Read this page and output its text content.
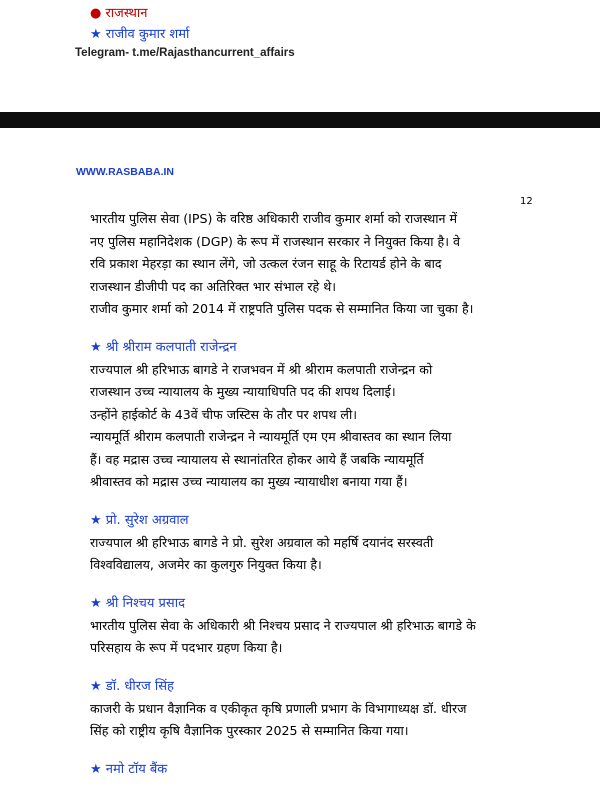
● राजस्थान
★ राजीव कुमार शर्मा
Telegram- t.me/Rajasthancurrent_affairs
WWW.RASBABA.IN
12

भारतीय पुलिस सेवा (IPS) के वरिष्ठ अधिकारी राजीव कुमार शर्मा को राजस्थान में

नए पुलिस महानिदेशक (DGP) के रूप में राजस्थान सरकार ने नियुक्त किया है। वे

रवि प्रकाश मेहरड़ा का स्थान लेंगे, जो उत्कल रंजन साहू के रिटायर्ड होने के बाद

राजस्थान डीजीपी पद का अतिरिक्त भार संभाल रहे थे।

राजीव कुमार शर्मा को 2014 में राष्ट्रपति पुलिस पदक से सम्मानित किया जा चुका है।

★ श्री श्रीराम कलपाती राजेन्द्रन

राज्यपाल श्री हरिभाऊ बागडे ने राजभवन में श्री श्रीराम कलपाती राजेन्द्रन को

राजस्थान उच्च न्यायालय के मुख्य न्यायाधिपति पद की शपथ दिलाई।

उन्होंने हाईकोर्ट के 43वें चीफ जस्टिस के तौर पर शपथ ली।

न्यायमूर्ति श्रीराम कलपाती राजेन्द्रन ने न्यायमूर्ति एम एम श्रीवास्तव का स्थान लिया

हैं। वह मद्रास उच्च न्यायालय से स्थानांतरित होकर आये हैं जबकि न्यायमूर्ति

श्रीवास्तव को मद्रास उच्च न्यायालय का मुख्य न्यायाधीश बनाया गया हैं।

★ प्रो. सुरेश अग्रवाल

राज्यपाल श्री हरिभाऊ बागडे ने प्रो. सुरेश अग्रवाल को महर्षि दयानंद सरस्वती

विश्वविद्यालय, अजमेर का कुलगुरु नियुक्त किया है।

★ श्री निश्चय प्रसाद

भारतीय पुलिस सेवा के अधिकारी श्री निश्चय प्रसाद ने राज्यपाल श्री हरिभाऊ बागडे के

परिसहाय के रूप में पदभार ग्रहण किया है।

★ डॉ. धीरज सिंह

काजरी के प्रधान वैज्ञानिक व एकीकृत कृषि प्रणाली प्रभाग के विभागाध्यक्ष डॉ. धीरज

सिंह को राष्ट्रीय कृषि वैज्ञानिक पुरस्कार 2025 से सम्मानित किया गया।

★ नमो टॉय बैंक
